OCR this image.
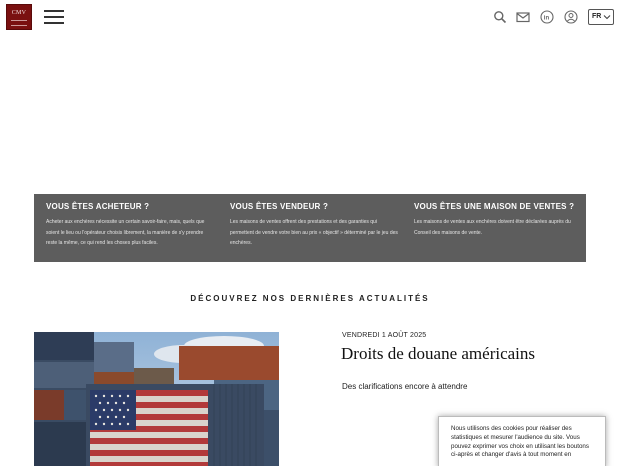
CMV
in	FR
VOUS ÊTES ACHETEUR ?

Acheter aux enchères nécessite un certain savoir-faire, mais, quels que soient le lieu ou l'opérateur choisis librement, la manière de s'y prendre reste la même, ce qui rend les choses plus faciles.

VOUS ÊTES VENDEUR ?

Les maisons de ventes offrent des prestations et des garanties qui permettent de vendre votre bien au prix « objectif » déterminé par le jeu des enchères.

VOUS ÊTES UNE MAISON DE VENTES ?

Les maisons de ventes aux enchères doivent être déclarées auprès du Conseil des maisons de vente.

DÉCOUVREZ NOS DERNIÈRES ACTUALITÉS
VENDREDI 1 AOÛT 2025
Droits de douane américains
Des clarifications encore à attendre

Nous utilisons des cookies pour réaliser des statistiques et mesurer l'audience du site. Vous pouvez exprimer vos choix en utilisant les boutons ci-après et changer d'avis à tout moment en
